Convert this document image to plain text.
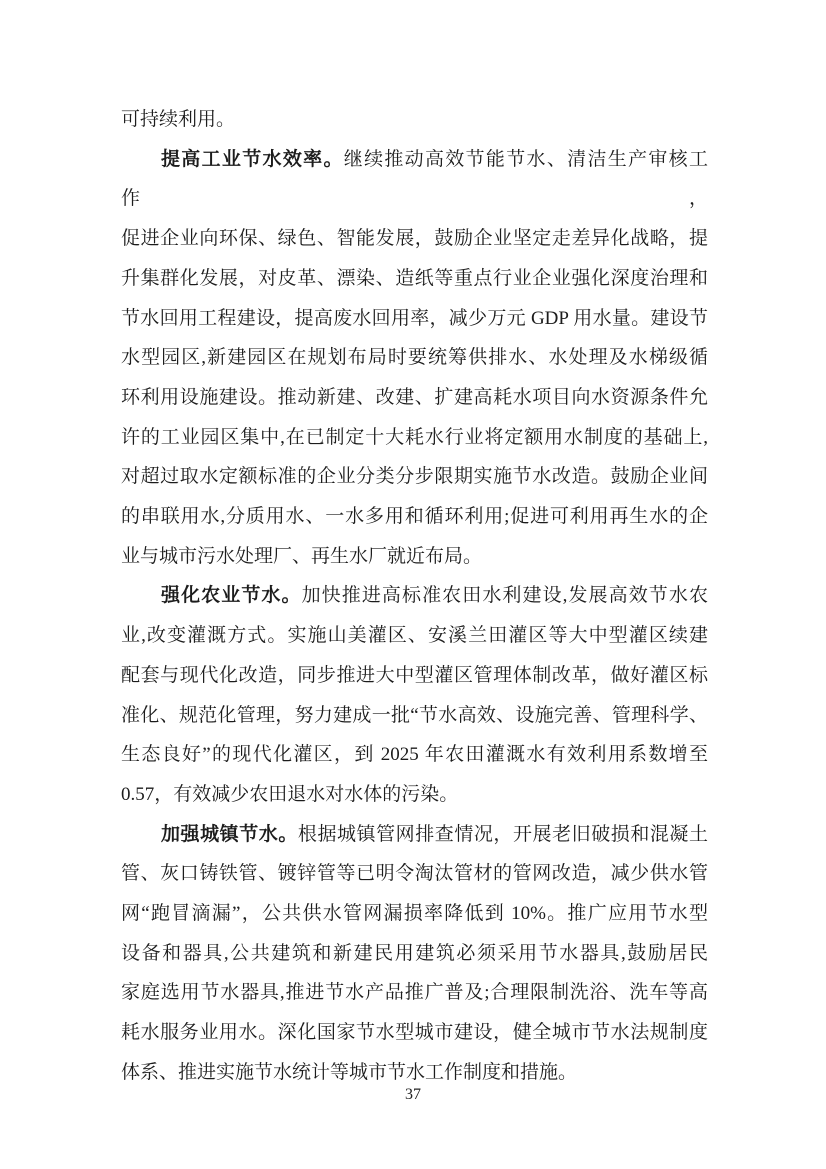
可持续利用。
提高工业节水效率。继续推动高效节能节水、清洁生产审核工作，
促进企业向环保、绿色、智能发展，鼓励企业坚定走差异化战略，提
升集群化发展，对皮革、漂染、造纸等重点行业企业强化深度治理和
节水回用工程建设，提高废水回用率，减少万元 GDP 用水量。建设节
水型园区,新建园区在规划布局时要统筹供排水、水处理及水梯级循
环利用设施建设。推动新建、改建、扩建高耗水项目向水资源条件允
许的工业园区集中,在已制定十大耗水行业将定额用水制度的基础上,
对超过取水定额标准的企业分类分步限期实施节水改造。鼓励企业间
的串联用水,分质用水、一水多用和循环利用;促进可利用再生水的企
业与城市污水处理厂、再生水厂就近布局。
强化农业节水。加快推进高标准农田水利建设,发展高效节水农
业,改变灌溉方式。实施山美灌区、安溪兰田灌区等大中型灌区续建
配套与现代化改造，同步推进大中型灌区管理体制改革，做好灌区标
准化、规范化管理，努力建成一批“节水高效、设施完善、管理科学、
生态良好”的现代化灌区，到 2025 年农田灌溉水有效利用系数增至
0.57，有效减少农田退水对水体的污染。
加强城镇节水。根据城镇管网排查情况，开展老旧破损和混凝土
管、灰口铸铁管、镀锌管等已明令淘汰管材的管网改造，减少供水管
网“跑冒滴漏”，公共供水管网漏损率降低到 10%。推广应用节水型
设备和器具,公共建筑和新建民用建筑必须采用节水器具,鼓励居民
家庭选用节水器具,推进节水产品推广普及;合理限制洗浴、洗车等高
耗水服务业用水。深化国家节水型城市建设，健全城市节水法规制度
体系、推进实施节水统计等城市节水工作制度和措施。
37
